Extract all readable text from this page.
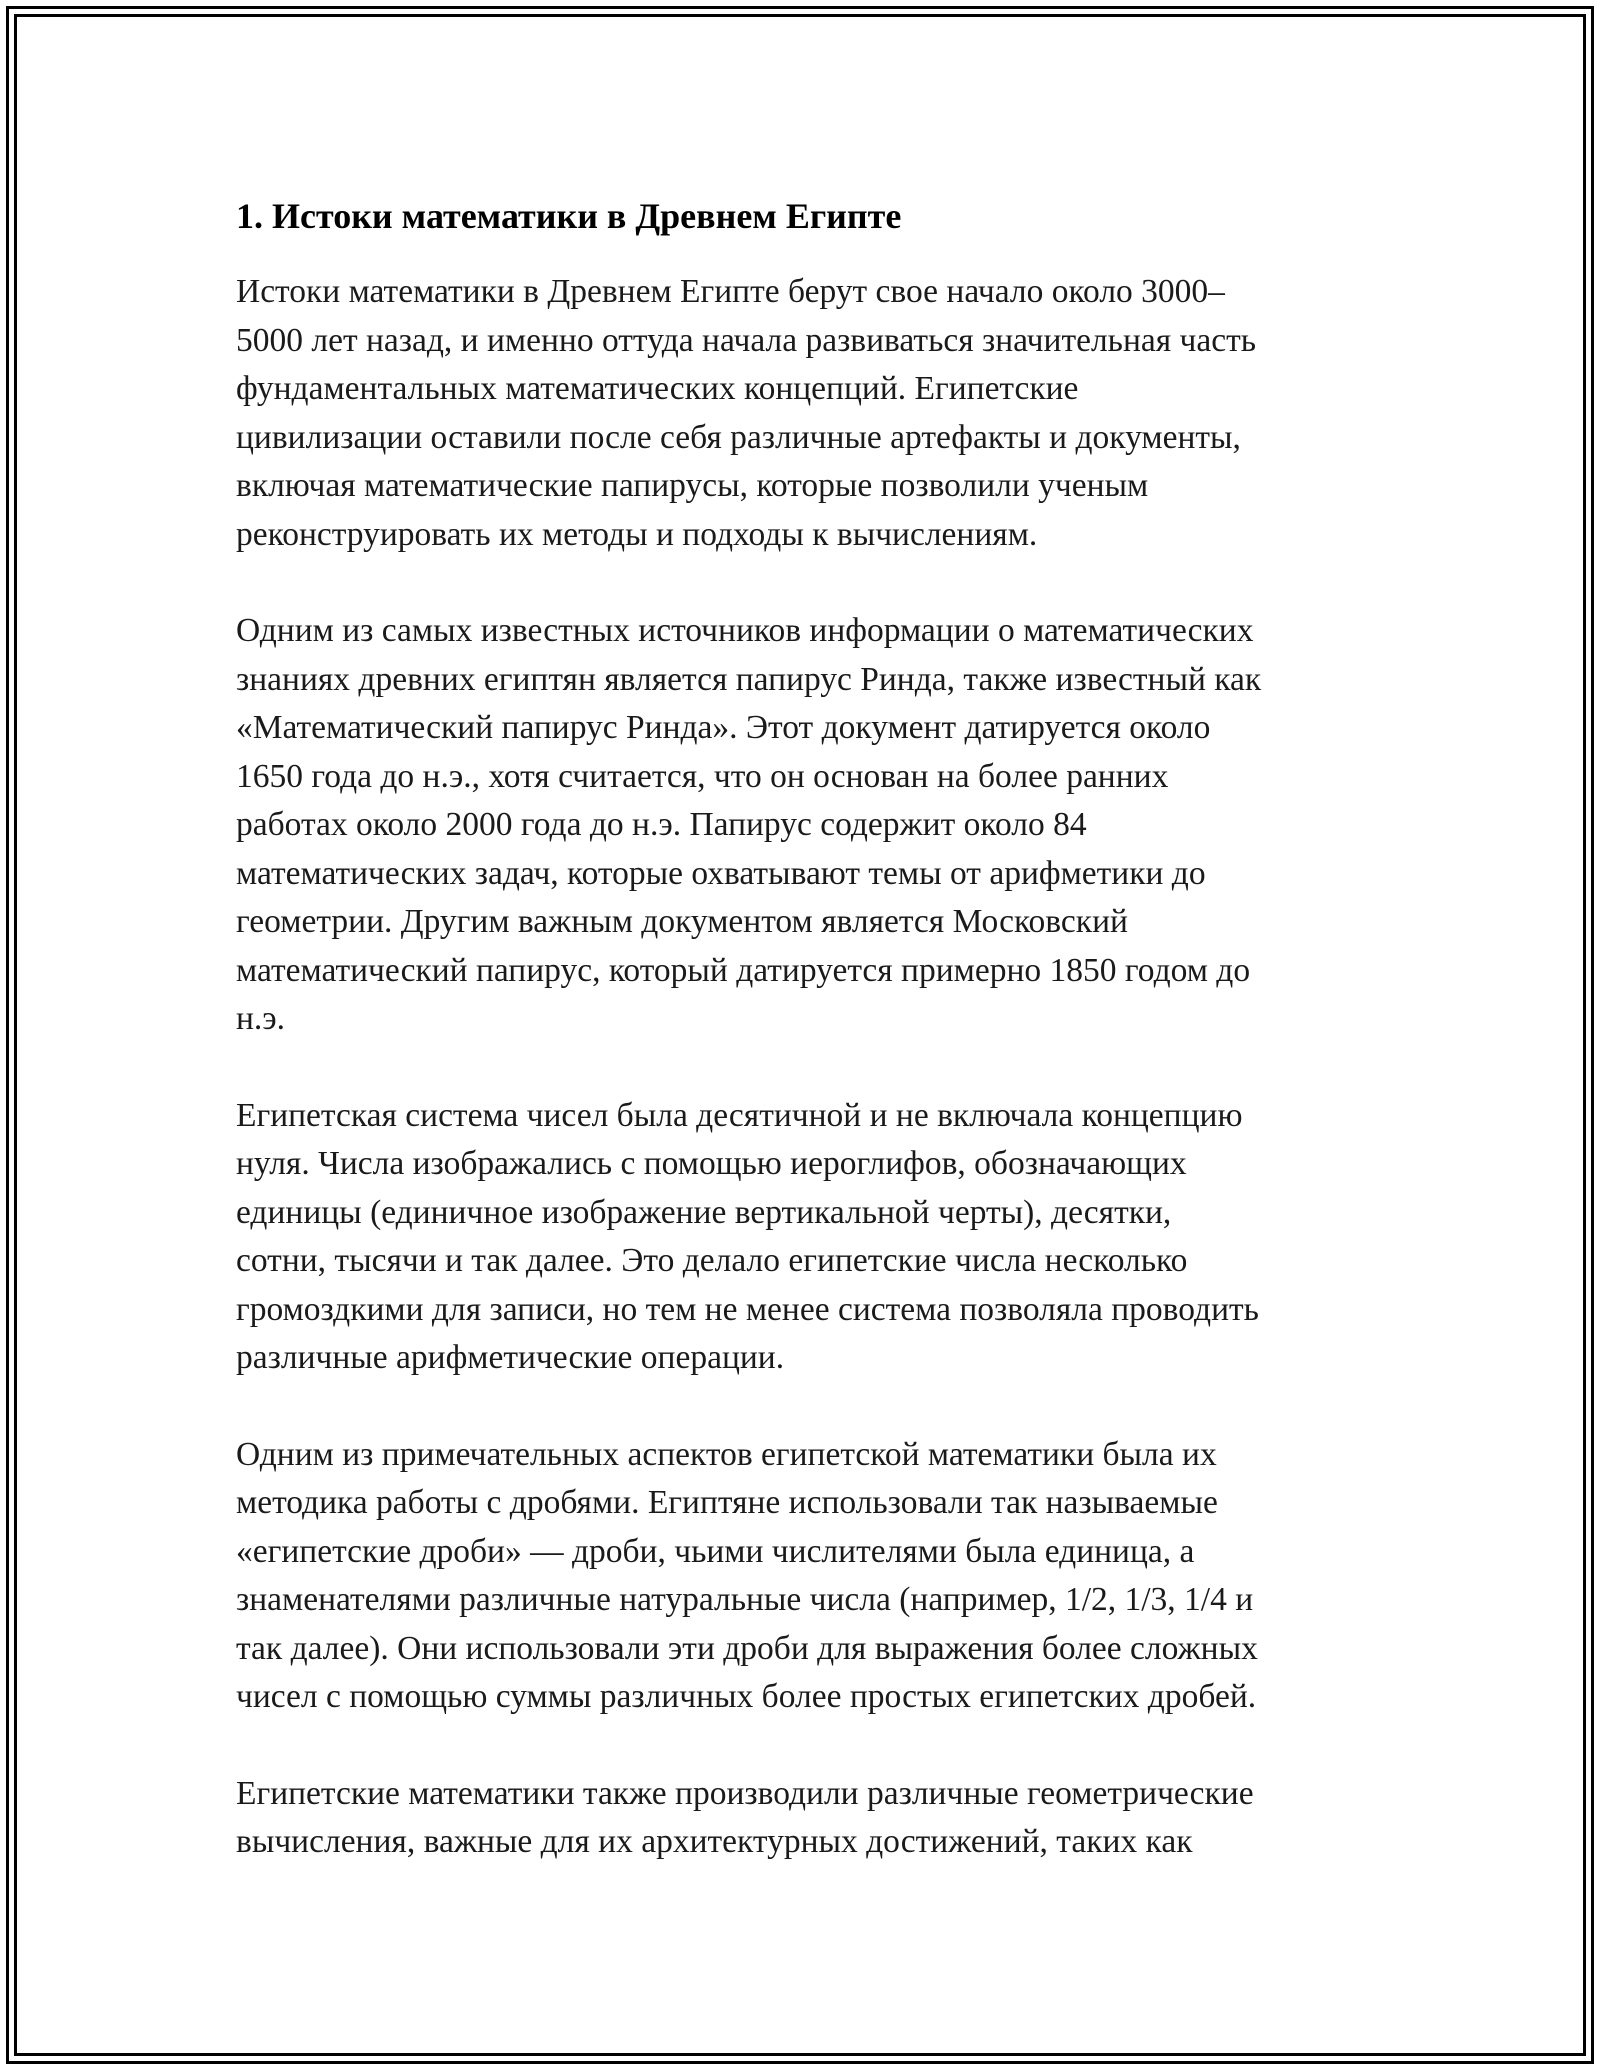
1. Истоки математики в Древнем Египте
Истоки математики в Древнем Египте берут свое начало около 3000–
5000 лет назад, и именно оттуда начала развиваться значительная часть
фундаментальных математических концепций. Египетские
цивилизации оставили после себя различные артефакты и документы,
включая математические папирусы, которые позволили ученым
реконструировать их методы и подходы к вычислениям.
Одним из самых известных источников информации о математических
знаниях древних египтян является папирус Ринда, также известный как
«Математический папирус Ринда». Этот документ датируется около
1650 года до н.э., хотя считается, что он основан на более ранних
работах около 2000 года до н.э. Папирус содержит около 84
математических задач, которые охватывают темы от арифметики до
геометрии. Другим важным документом является Московский
математический папирус, который датируется примерно 1850 годом до
н.э.
Египетская система чисел была десятичной и не включала концепцию
нуля. Числа изображались с помощью иероглифов, обозначающих
единицы (единичное изображение вертикальной черты), десятки,
сотни, тысячи и так далее. Это делало египетские числа несколько
громоздкими для записи, но тем не менее система позволяла проводить
различные арифметические операции.
Одним из примечательных аспектов египетской математики была их
методика работы с дробями. Египтяне использовали так называемые
«египетские дроби» — дроби, чьими числителями была единица, а
знаменателями различные натуральные числа (например, 1/2, 1/3, 1/4 и
так далее). Они использовали эти дроби для выражения более сложных
чисел с помощью суммы различных более простых египетских дробей.
Египетские математики также производили различные геометрические
вычисления, важные для их архитектурных достижений, таких как
